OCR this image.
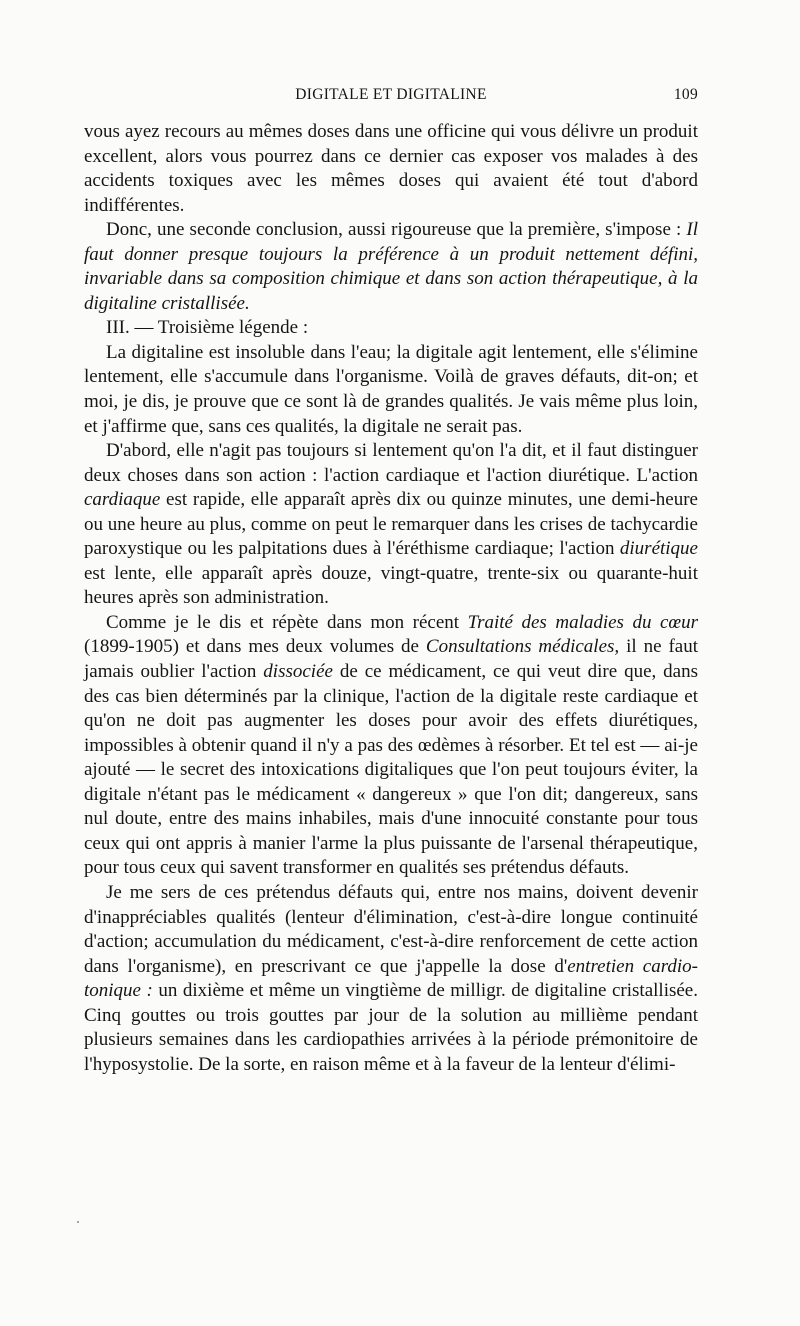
DIGITALE ET DIGITALINE	109

vous ayez recours au mêmes doses dans une officine qui vous délivre un produit excellent, alors vous pourrez dans ce dernier cas exposer vos malades à des accidents toxiques avec les mêmes doses qui avaient été tout d'abord indifférentes.

Donc, une seconde conclusion, aussi rigoureuse que la première, s'impose : Il faut donner presque toujours la préférence à un produit nettement défini, invariable dans sa composition chimique et dans son action thérapeutique, à la digitaline cristallisée.

III. — Troisième légende :

La digitaline est insoluble dans l'eau; la digitale agit lentement, elle s'élimine lentement, elle s'accumule dans l'organisme. Voilà de graves défauts, dit-on; et moi, je dis, je prouve que ce sont là de grandes qualités. Je vais même plus loin, et j'affirme que, sans ces qualités, la digitale ne serait pas.

D'abord, elle n'agit pas toujours si lentement qu'on l'a dit, et il faut distinguer deux choses dans son action : l'action cardiaque et l'action diurétique. L'action cardiaque est rapide, elle apparaît après dix ou quinze minutes, une demi-heure ou une heure au plus, comme on peut le remarquer dans les crises de tachycardie paroxystique ou les palpitations dues à l'éréthisme cardiaque; l'action diurétique est lente, elle apparaît après douze, vingt-quatre, trente-six ou quarante-huit heures après son administration.

Comme je le dis et répète dans mon récent Traité des maladies du cœur (1899-1905) et dans mes deux volumes de Consultations médicales, il ne faut jamais oublier l'action dissociée de ce médicament, ce qui veut dire que, dans des cas bien déterminés par la clinique, l'action de la digitale reste cardiaque et qu'on ne doit pas augmenter les doses pour avoir des effets diurétiques, impossibles à obtenir quand il n'y a pas des œdèmes à résorber. Et tel est — ai-je ajouté — le secret des intoxications digitaliques que l'on peut toujours éviter, la digitale n'étant pas le médicament « dangereux » que l'on dit; dangereux, sans nul doute, entre des mains inhabiles, mais d'une innocuité constante pour tous ceux qui ont appris à manier l'arme la plus puissante de l'arsenal thérapeutique, pour tous ceux qui savent transformer en qualités ses prétendus défauts.

Je me sers de ces prétendus défauts qui, entre nos mains, doivent devenir d'inappréciables qualités (lenteur d'élimination, c'est-à-dire longue continuité d'action; accumulation du médicament, c'est-à-dire renforcement de cette action dans l'organisme), en prescrivant ce que j'appelle la dose d'entretien cardio-tonique : un dixième et même un vingtième de milligr. de digitaline cristallisée. Cinq gouttes ou trois gouttes par jour de la solution au millième pendant plusieurs semaines dans les cardiopathies arrivées à la période prémonitoire de l'hyposystolie. De la sorte, en raison même et à la faveur de la lenteur d'élimi-
